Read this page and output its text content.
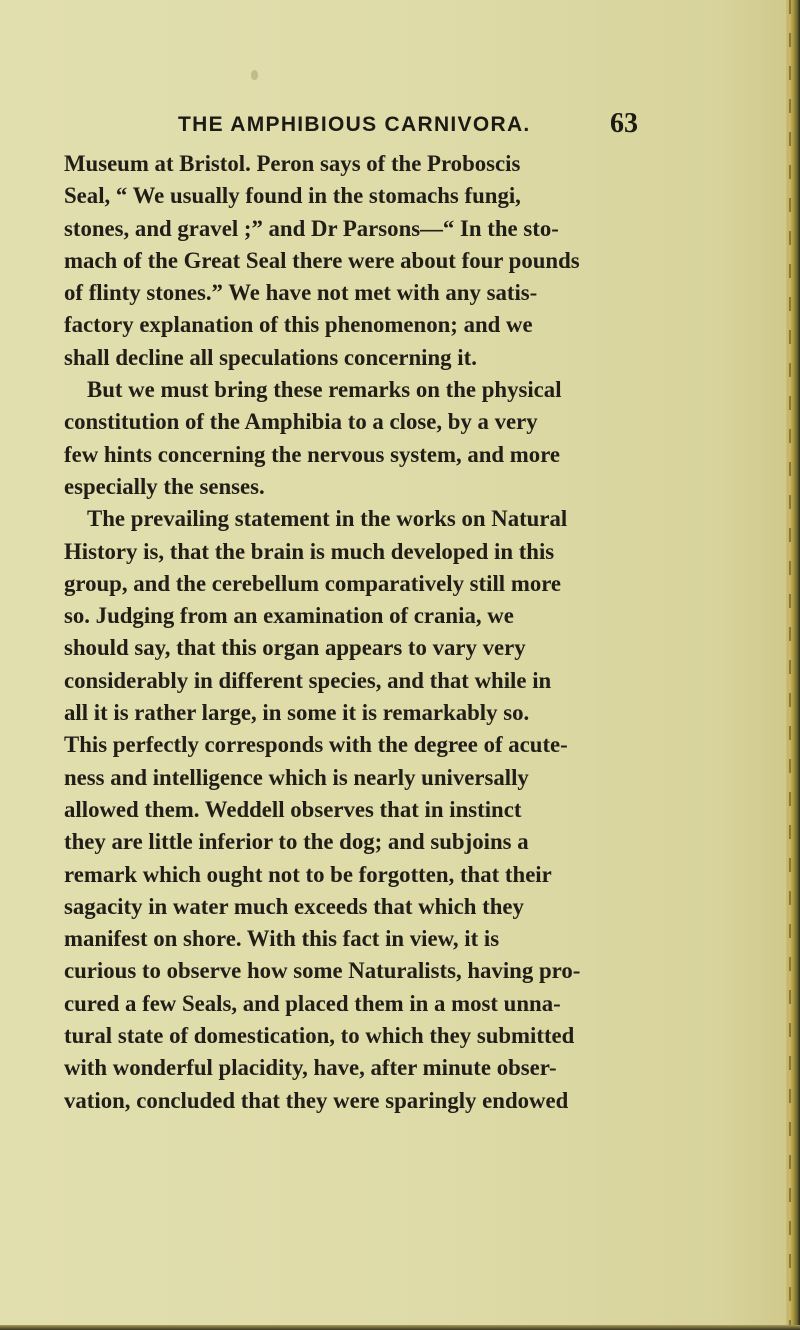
THE AMPHIBIOUS CARNIVORA.	63
Museum at Bristol. Peron says of the Proboscis
Seal, “ We usually found in the stomachs fungi,
stones, and gravel ;” and Dr Parsons—“ In the sto-
mach of the Great Seal there were about four pounds
of flinty stones.” We have not met with any satis-
factory explanation of this phenomenon; and we
shall decline all speculations concerning it.
But we must bring these remarks on the physical
constitution of the Amphibia to a close, by a very
few hints concerning the nervous system, and more
especially the senses.
The prevailing statement in the works on Natural
History is, that the brain is much developed in this
group, and the cerebellum comparatively still more
so. Judging from an examination of crania, we
should say, that this organ appears to vary very
considerably in different species, and that while in
all it is rather large, in some it is remarkably so.
This perfectly corresponds with the degree of acute-
ness and intelligence which is nearly universally
allowed them. Weddell observes that in instinct
they are little inferior to the dog; and subjoins a
remark which ought not to be forgotten, that their
sagacity in water much exceeds that which they
manifest on shore. With this fact in view, it is
curious to observe how some Naturalists, having pro-
cured a few Seals, and placed them in a most unna-
tural state of domestication, to which they submitted
with wonderful placidity, have, after minute obser-
vation, concluded that they were sparingly endowed
